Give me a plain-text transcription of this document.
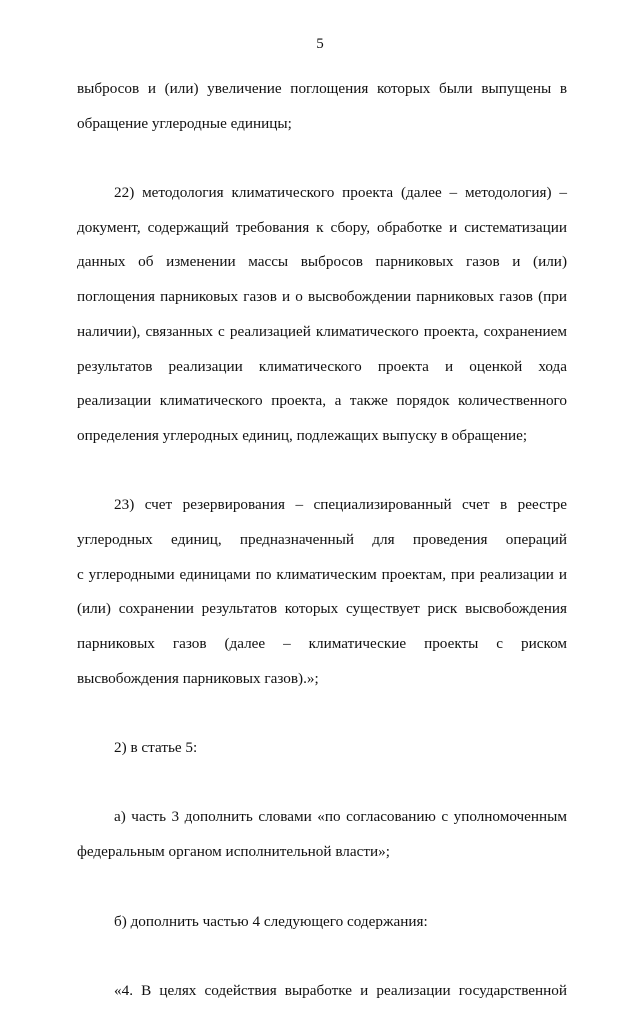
5
выбросов и (или) увеличение поглощения которых были выпущены в
обращение углеродные единицы;
22) методология климатического проекта (далее – методология) –
документ, содержащий требования к сбору, обработке и систематизации
данных об изменении массы выбросов парниковых газов и (или)
поглощения парниковых газов и о высвобождении парниковых газов (при
наличии), связанных с реализацией климатического проекта, сохранением
результатов реализации климатического проекта и оценкой хода
реализации климатического проекта, а также порядок количественного
определения углеродных единиц, подлежащих выпуску в обращение;
23) счет резервирования – специализированный счет в реестре
углеродных единиц, предназначенный для проведения операций
с углеродными единицами по климатическим проектам, при реализации и
(или) сохранении результатов которых существует риск высвобождения
парниковых газов (далее – климатические проекты с риском
высвобождения парниковых газов).»;
2) в статье 5:
а) часть 3 дополнить словами «по согласованию с уполномоченным
федеральным органом исполнительной власти»;
б) дополнить частью 4 следующего содержания:
«4. В целях содействия выработке и реализации государственной
